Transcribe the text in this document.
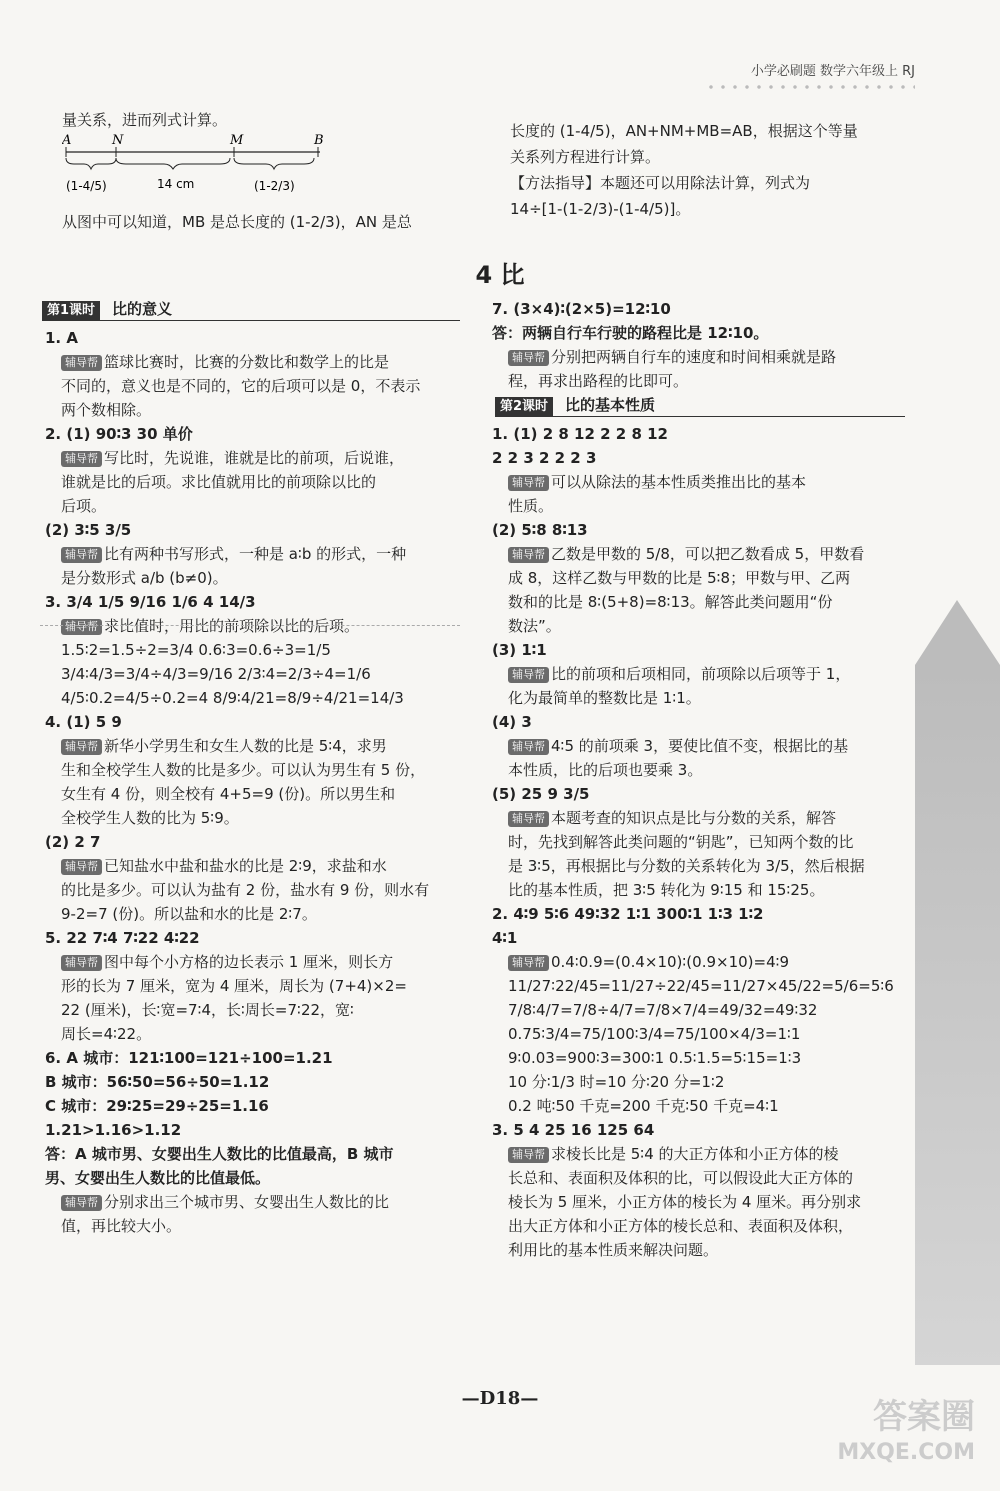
小学必刷题 数学六年级上 RJ

量关系，进而列式计算。

A	N	M	B
(1-4/5)	14 cm	(1-2/3)

从图中可以知道，MB 是总长度的 (1-2/3)，AN 是总

长度的 (1-4/5)，AN+NM+MB=AB，根据这个等量

关系列方程进行计算。

【方法指导】本题还可以用除法计算，列式为

14÷[1-(1-2/3)-(1-4/5)]。

4 比
第1课时 比的意义

1. A

辅导帮 篮球比赛时，比赛的分数比和数学上的比是

不同的，意义也是不同的，它的后项可以是 0，不表示

两个数相除。

2. (1) 90∶3 30 单价

辅导帮 写比时，先说谁，谁就是比的前项，后说谁，

谁就是比的后项。求比值就用比的前项除以比的

后项。

(2) 3∶5 3/5

辅导帮 比有两种书写形式，一种是 a∶b 的形式，一种

是分数形式 a/b (b≠0)。

3. 3/4 1/5 9/16 1/6 4 14/3

辅导帮 求比值时，用比的前项除以比的后项。

1.5∶2=1.5÷2=3/4 0.6∶3=0.6÷3=1/5

3/4∶4/3=3/4÷4/3=9/16 2/3∶4=2/3÷4=1/6

4/5∶0.2=4/5÷0.2=4 8/9∶4/21=8/9÷4/21=14/3

4. (1) 5 9

辅导帮 新华小学男生和女生人数的比是 5∶4，求男

生和全校学生人数的比是多少。可以认为男生有 5 份，

女生有 4 份，则全校有 4+5=9 (份)。所以男生和

全校学生人数的比为 5∶9。

(2) 2 7

辅导帮 已知盐水中盐和盐水的比是 2∶9，求盐和水

的比是多少。可以认为盐有 2 份，盐水有 9 份，则水有

9-2=7 (份)。所以盐和水的比是 2∶7。

5. 22 7∶4 7∶22 4∶22

辅导帮 图中每个小方格的边长表示 1 厘米，则长方

形的长为 7 厘米，宽为 4 厘米，周长为 (7+4)×2=

22 (厘米)，长∶宽=7∶4，长∶周长=7∶22，宽∶

周长=4∶22。

6. A 城市：121∶100=121÷100=1.21

B 城市：56∶50=56÷50=1.12

C 城市：29∶25=29÷25=1.16

1.21>1.16>1.12

答：A 城市男、女婴出生人数比的比值最高，B 城市

男、女婴出生人数比的比值最低。

辅导帮 分别求出三个城市男、女婴出生人数比的比

值，再比较大小。

7. (3×4)∶(2×5)=12∶10

答：两辆自行车行驶的路程比是 12∶10。

辅导帮 分别把两辆自行车的速度和时间相乘就是路

程，再求出路程的比即可。

第2课时 比的基本性质

1. (1) 2 8 12 2 2 8 12

2 2 3 2 2 2 3

辅导帮 可以从除法的基本性质类推出比的基本

性质。

(2) 5∶8 8∶13

辅导帮 乙数是甲数的 5/8，可以把乙数看成 5，甲数看

成 8，这样乙数与甲数的比是 5∶8；甲数与甲、乙两

数和的比是 8∶(5+8)=8∶13。解答此类问题用“份

数法”。

(3) 1∶1

辅导帮 比的前项和后项相同，前项除以后项等于 1，

化为最简单的整数比是 1∶1。

(4) 3

辅导帮 4∶5 的前项乘 3，要使比值不变，根据比的基

本性质，比的后项也要乘 3。

(5) 25 9 3/5

辅导帮 本题考查的知识点是比与分数的关系，解答

时，先找到解答此类问题的“钥匙”，已知两个数的比

是 3∶5，再根据比与分数的关系转化为 3/5，然后根据

比的基本性质，把 3∶5 转化为 9∶15 和 15∶25。

2. 4∶9 5∶6 49∶32 1∶1 300∶1 1∶3 1∶2

4∶1

辅导帮 0.4∶0.9=(0.4×10)∶(0.9×10)=4∶9

11/27∶22/45=11/27÷22/45=11/27×45/22=5/6=5∶6

7/8∶4/7=7/8÷4/7=7/8×7/4=49/32=49∶32

0.75∶3/4=75/100∶3/4=75/100×4/3=1∶1

9∶0.03=900∶3=300∶1 0.5∶1.5=5∶15=1∶3

10 分∶1/3 时=10 分∶20 分=1∶2

0.2 吨∶50 千克=200 千克∶50 千克=4∶1

3. 5 4 25 16 125 64

辅导帮 求棱长比是 5∶4 的大正方体和小正方体的棱

长总和、表面积及体积的比，可以假设此大正方体的

棱长为 5 厘米，小正方体的棱长为 4 厘米。再分别求

出大正方体和小正方体的棱长总和、表面积及体积，

利用比的基本性质来解决问题。

—D18—	答案圈
MXQE.COM
